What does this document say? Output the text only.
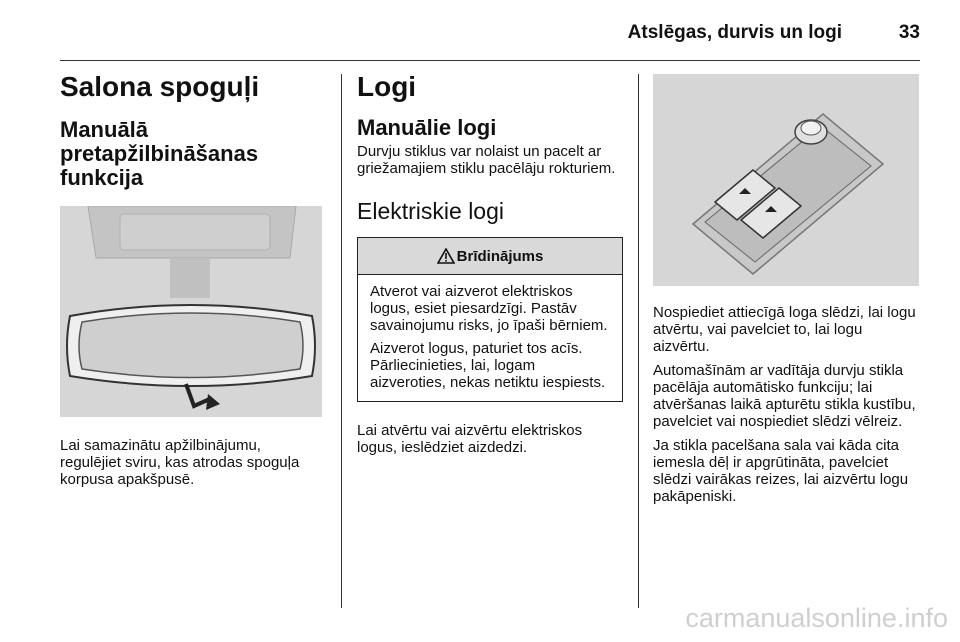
Atslēgas, durvis un logi	33
Salona spoguļi
Manuālā pretapžilbināšanas funkcija

Lai samazinātu apžilbinājumu, regulējiet sviru, kas atrodas spoguļa korpusa apakšpusē.

Logi
Manuālie logi

Durvju stiklus var nolaist un pacelt ar griežamajiem stiklu pacēlāju rokturiem.

Elektriskie logi
Brīdinājums

Atverot vai aizverot elektriskos logus, esiet piesardzīgi. Pastāv savainojumu risks, jo īpaši bērniem.

Aizverot logus, paturiet tos acīs. Pārliecinieties, lai, logam aizveroties, nekas netiktu iespiests.

Lai atvērtu vai aizvērtu elektriskos logus, ieslēdziet aizdedzi.

Nospiediet attiecīgā loga slēdzi, lai logu atvērtu, vai pavelciet to, lai logu aizvērtu.

Automašīnām ar vadītāja durvju stikla pacēlāja automātisko funkciju; lai atvēršanas laikā apturētu stikla kustību, pavelciet vai nospiediet slēdzi vēlreiz.

Ja stikla pacelšana sala vai kāda cita iemesla dēļ ir apgrūtināta, pavelciet slēdzi vairākas reizes, lai aizvērtu logu pakāpeniski.

carmanualsonline.info
